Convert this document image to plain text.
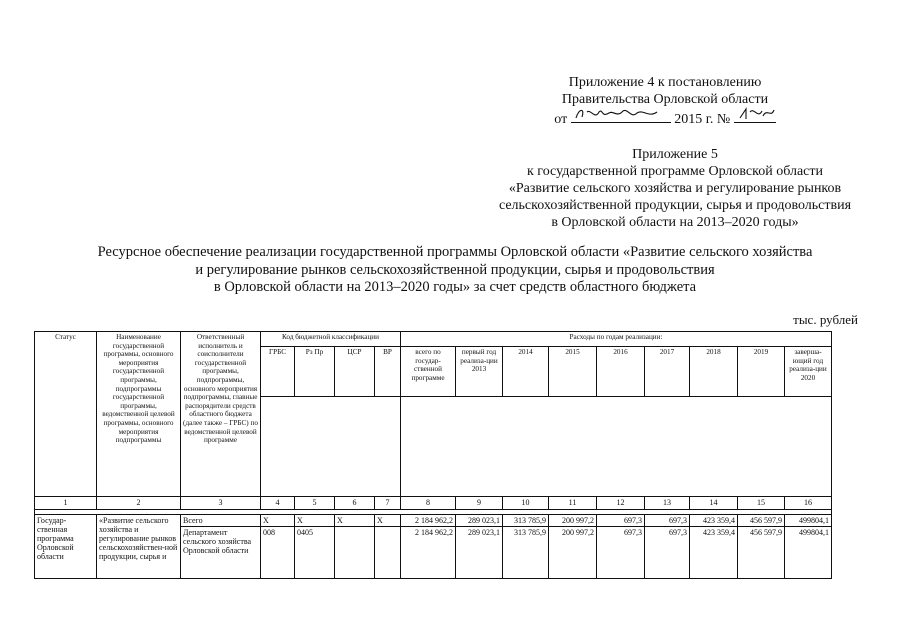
Приложение 4 к постановлению
Правительства Орловской области
от	2015 г. №
Приложение 5
к государственной программе Орловской области
«Развитие сельского хозяйства и регулирование рынков
сельскохозяйственной продукции, сырья и продовольствия
в Орловской области на 2013–2020 годы»
Ресурсное обеспечение реализации государственной программы Орловской области «Развитие сельского хозяйства
и регулирование рынков сельскохозяйственной продукции, сырья и продовольствия
в Орловской области на 2013–2020 годы» за счет средств областного бюджета
тыс. рублей
Статус	Наименование государственной программы, основного мероприятия государственной программы, подпрограммы государственной программы, ведомственной целевой программы, основного мероприятия подпрограммы	Ответственный исполнитель и соисполнители государственной программы, подпрограммы, основного мероприятия подпрограммы, главные распорядители средств областного бюджета (далее также – ГРБС) по ведомственной целевой программе	Код бюджетной классификации				Расходы по годам реализации:								
			ГРБС	Рз Пр	ЦСР	ВР	всего по государ-ственной программе	первый год реализа-ции 2013	2014	2015	2016	2017	2018	2019	заверша-ющий год реализа-ции 2020

1	2	3	4	5	6	7	8	9	10	11	12	13	14	15	16

Государ-ственная программа Орловской области	«Развитие сельского хозяйства и регулирование рынков сельскохозяйствен-ной продукции, сырья и	Всего	Х	Х	Х	Х	2 184 962,2	289 023,1	313 785,9	200 997,2	697,3	697,3	423 359,4	456 597,9	499804,1
		Департамент сельского хозяйства Орловской области	008	0405			2 184 962,2	289 023,1	313 785,9	200 997,2	697,3	697,3	423 359,4	456 597,9	499804,1
